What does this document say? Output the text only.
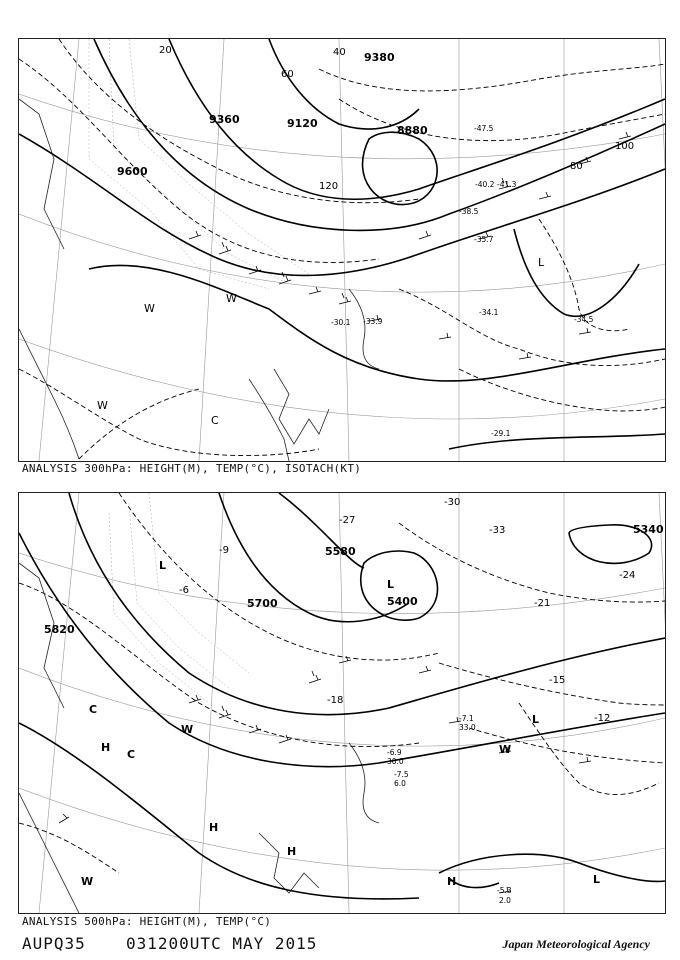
9600
9360	9120
8880
9380
20	40
60
80
100
120
-29.1
-30.1 -33.9
-34.1
-34.5
-35.7
-38.5
-40.2 -41.3
-47.5
W
W
C
L
W
ANALYSIS 300hPa: HEIGHT(M), TEMP(°C), ISOTACH(KT)
5820
5700
5580
5400
5340
-6
-9
-12
-15
-18
-21
-24
-27
-30
-33
-5.3
2.0
-6.9
30.0
-7.5
6.0
-7.1
33.0
L
L
L
L
H
H
H
H
C
C
W
W
W
ANALYSIS 500hPa: HEIGHT(M), TEMP(°C)
AUPQ35	031200UTC MAY 2015	Japan Meteorological Agency
